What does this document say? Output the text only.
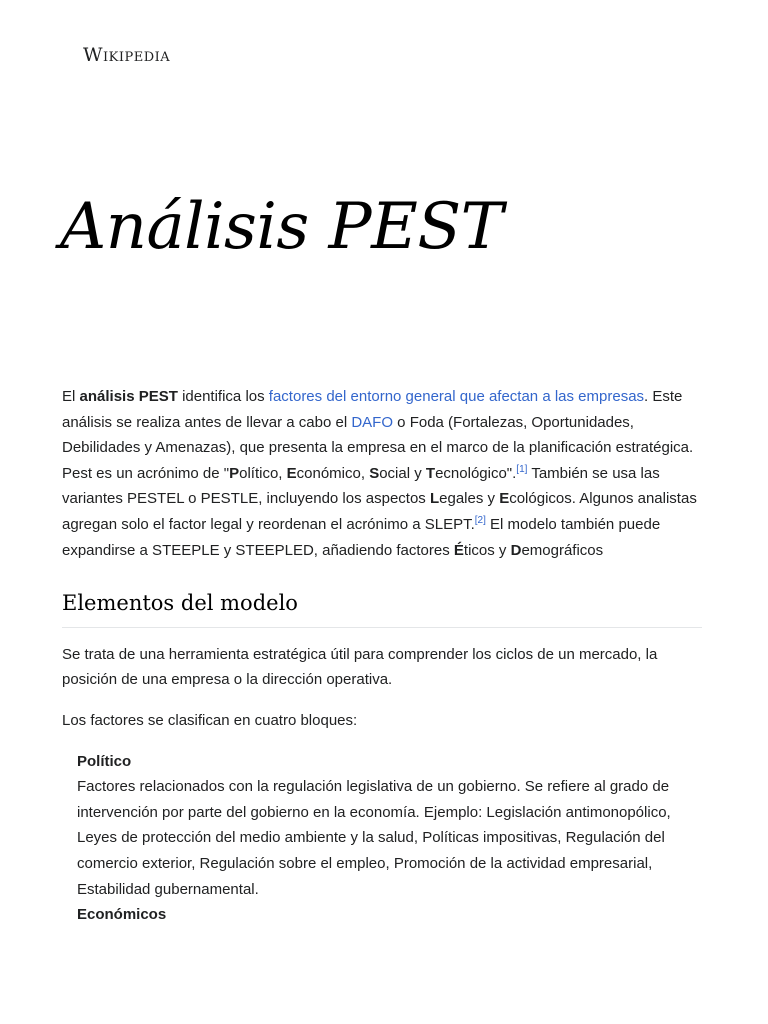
Wikipedia
Análisis PEST

El análisis PEST identifica los factores del entorno general que afectan a las empresas. Este análisis se realiza antes de llevar a cabo el DAFO o Foda (Fortalezas, Oportunidades, Debilidades y Amenazas), que presenta la empresa en el marco de la planificación estratégica. Pest es un acrónimo de "Político, Económico, Social y Tecnológico".[1] También se usa las variantes PESTEL o PESTLE, incluyendo los aspectos Legales y Ecológicos. Algunos analistas agregan solo el factor legal y reordenan el acrónimo a SLEPT.[2] El modelo también puede expandirse a STEEPLE y STEEPLED, añadiendo factores Éticos y Demográficos

Elementos del modelo

Se trata de una herramienta estratégica útil para comprender los ciclos de un mercado, la posición de una empresa o la dirección operativa.

Los factores se clasifican en cuatro bloques:

Político
Factores relacionados con la regulación legislativa de un gobierno. Se refiere al grado de intervención por parte del gobierno en la economía. Ejemplo: Legislación antimonopólico, Leyes de protección del medio ambiente y la salud, Políticas impositivas, Regulación del comercio exterior, Regulación sobre el empleo, Promoción de la actividad empresarial, Estabilidad gubernamental.
Económicos
